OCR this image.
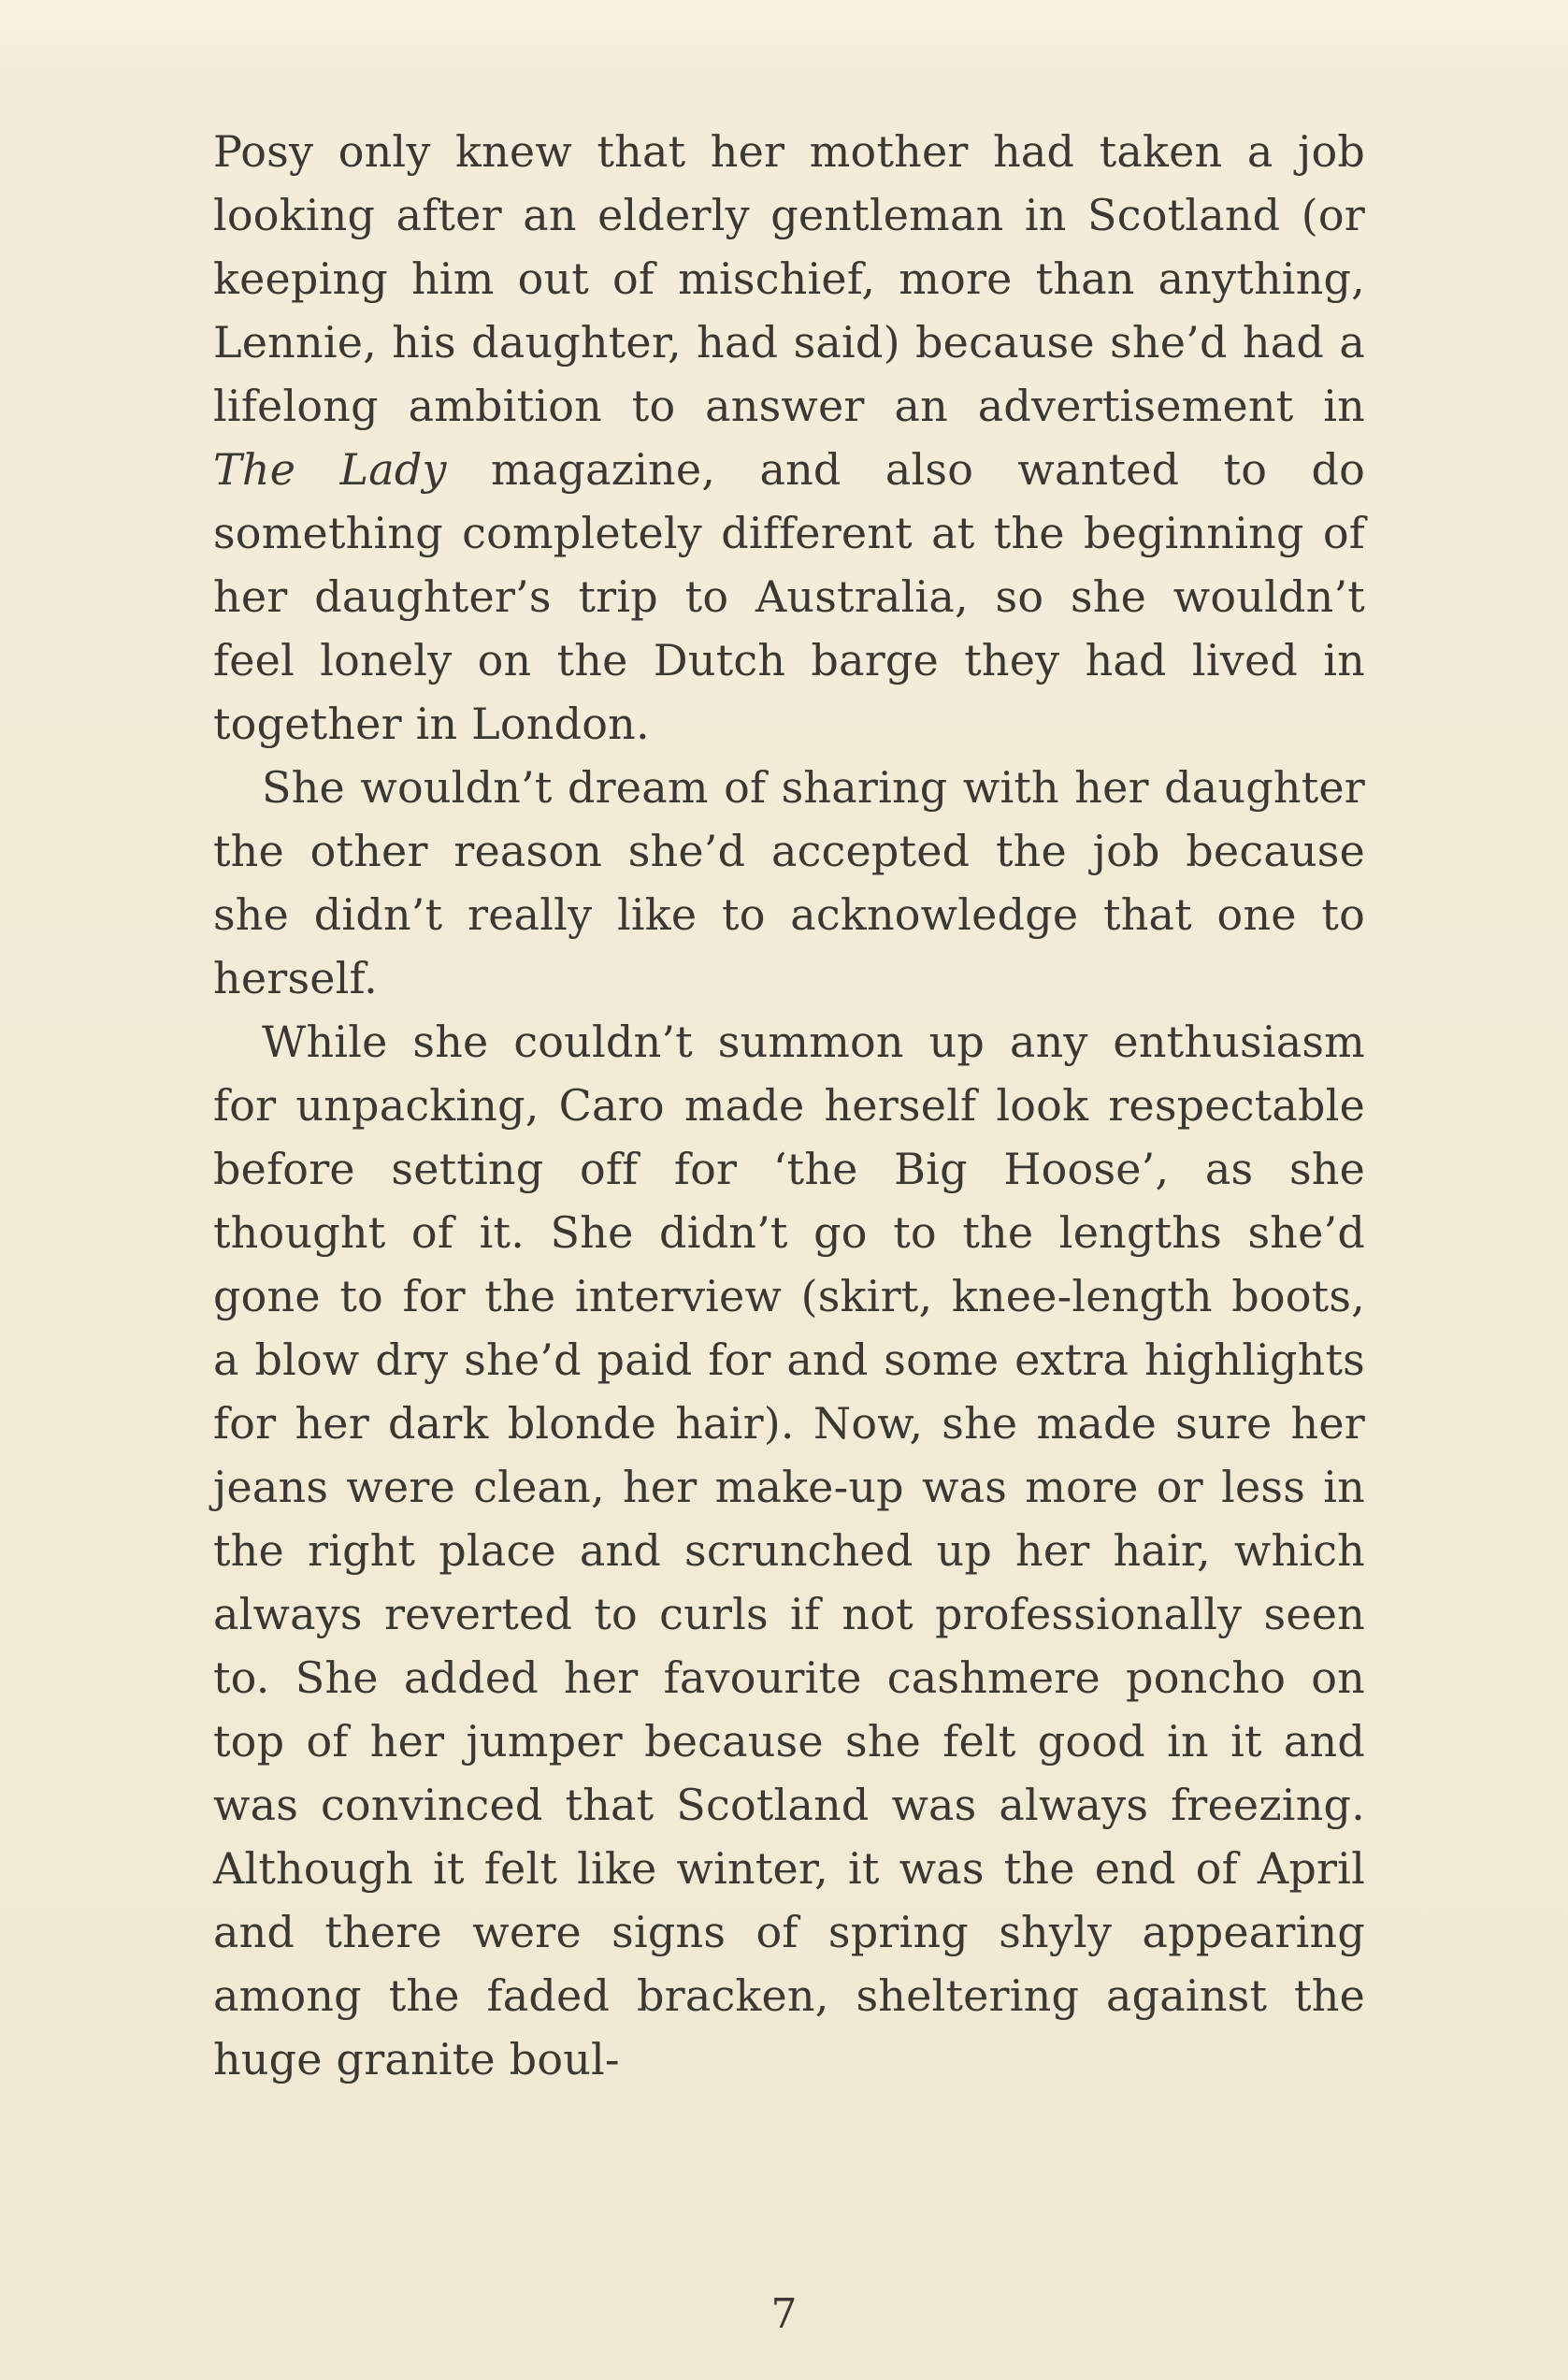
Posy only knew that her mother had taken a job looking after an elderly gentleman in Scotland (or keeping him out of mischief, more than anything, Lennie, his daughter, had said) because she’d had a lifelong ambition to answer an advertisement in The Lady magazine, and also wanted to do something completely different at the beginning of her daughter’s trip to Australia, so she wouldn’t feel lonely on the Dutch barge they had lived in together in London.

She wouldn’t dream of sharing with her daughter the other reason she’d accepted the job because she didn’t really like to acknowledge that one to herself.

While she couldn’t summon up any enthusiasm for unpacking, Caro made herself look respectable before setting off for ‘the Big Hoose’, as she thought of it. She didn’t go to the lengths she’d gone to for the interview (skirt, knee-length boots, a blow dry she’d paid for and some extra highlights for her dark blonde hair). Now, she made sure her jeans were clean, her make-up was more or less in the right place and scrunched up her hair, which always reverted to curls if not professionally seen to. She added her favourite cashmere poncho on top of her jumper because she felt good in it and was convinced that Scotland was always freezing. Although it felt like winter, it was the end of April and there were signs of spring shyly appearing among the faded bracken, sheltering against the huge granite boul-

7
